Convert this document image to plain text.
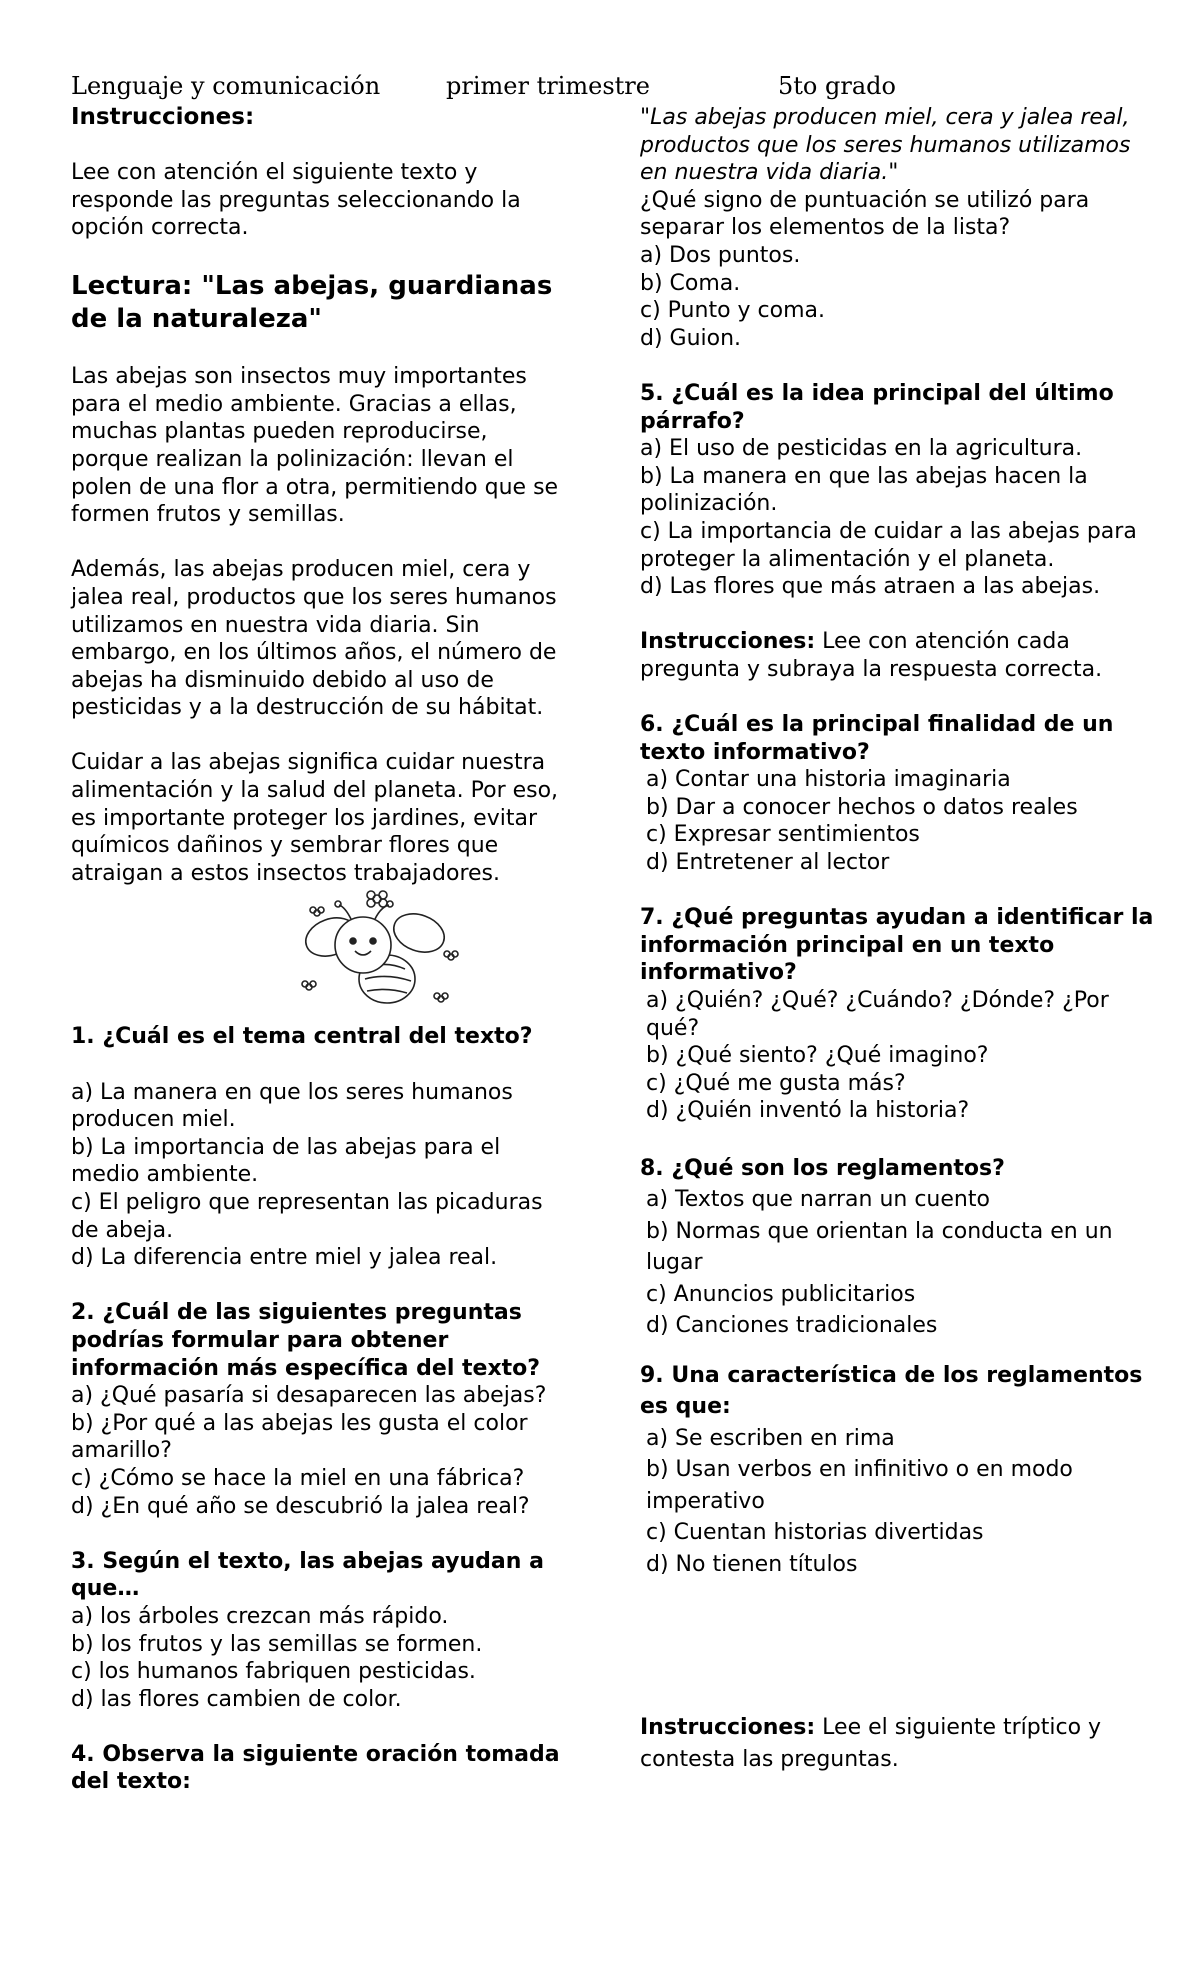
Lenguaje y comunicación	primer trimestre	5to grado

Instrucciones:

Lee con atención el siguiente texto y responde las preguntas seleccionando la opción correcta.

Lectura: "Las abejas, guardianas de la naturaleza"

Las abejas son insectos muy importantes para el medio ambiente. Gracias a ellas, muchas plantas pueden reproducirse, porque realizan la polinización: llevan el polen de una flor a otra, permitiendo que se formen frutos y semillas.

Además, las abejas producen miel, cera y jalea real, productos que los seres humanos utilizamos en nuestra vida diaria. Sin embargo, en los últimos años, el número de abejas ha disminuido debido al uso de pesticidas y a la destrucción de su hábitat.

Cuidar a las abejas significa cuidar nuestra alimentación y la salud del planeta. Por eso, es importante proteger los jardines, evitar químicos dañinos y sembrar flores que atraigan a estos insectos trabajadores.

1. ¿Cuál es el tema central del texto?

a) La manera en que los seres humanos producen miel.

b) La importancia de las abejas para el medio ambiente.

c) El peligro que representan las picaduras de abeja.

d) La diferencia entre miel y jalea real.

2. ¿Cuál de las siguientes preguntas podrías formular para obtener información más específica del texto?

a) ¿Qué pasaría si desaparecen las abejas?

b) ¿Por qué a las abejas les gusta el color amarillo?

c) ¿Cómo se hace la miel en una fábrica?

d) ¿En qué año se descubrió la jalea real?

3. Según el texto, las abejas ayudan a que…

a) los árboles crezcan más rápido.

b) los frutos y las semillas se formen.

c) los humanos fabriquen pesticidas.

d) las flores cambien de color.

4. Observa la siguiente oración tomada del texto:

"Las abejas producen miel, cera y jalea real, productos que los seres humanos utilizamos en nuestra vida diaria."

¿Qué signo de puntuación se utilizó para separar los elementos de la lista?

a) Dos puntos.

b) Coma.

c) Punto y coma.

d) Guion.

5. ¿Cuál es la idea principal del último párrafo?

a) El uso de pesticidas en la agricultura.

b) La manera en que las abejas hacen la polinización.

c) La importancia de cuidar a las abejas para proteger la alimentación y el planeta.

d) Las flores que más atraen a las abejas.

Instrucciones: Lee con atención cada pregunta y subraya la respuesta correcta.

6. ¿Cuál es la principal finalidad de un texto informativo?

a) Contar una historia imaginaria

b) Dar a conocer hechos o datos reales

c) Expresar sentimientos

d) Entretener al lector

7. ¿Qué preguntas ayudan a identificar la información principal en un texto informativo?

a) ¿Quién? ¿Qué? ¿Cuándo? ¿Dónde? ¿Por qué?

b) ¿Qué siento? ¿Qué imagino?

c) ¿Qué me gusta más?

d) ¿Quién inventó la historia?

8. ¿Qué son los reglamentos?

a) Textos que narran un cuento

b) Normas que orientan la conducta en un lugar

c) Anuncios publicitarios

d) Canciones tradicionales

9. Una característica de los reglamentos es que:

a) Se escriben en rima

b) Usan verbos en infinitivo o en modo imperativo

c) Cuentan historias divertidas

d) No tienen títulos

Instrucciones: Lee el siguiente tríptico y contesta las preguntas.
